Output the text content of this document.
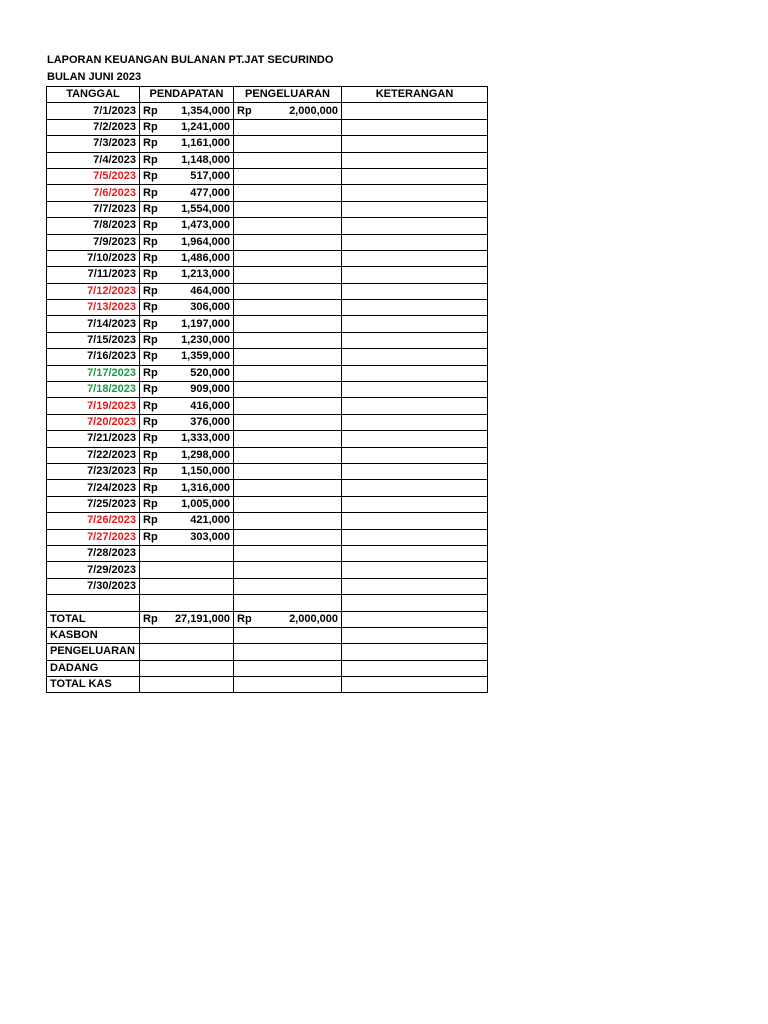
LAPORAN KEUANGAN BULANAN PT.JAT SECURINDO
BULAN JUNI 2023
TANGGAL	PENDAPATAN	PENGELUARAN	KETERANGAN
7/1/2023	Rp 1,354,000	Rp 2,000,000	

7/2/2023	Rp 1,241,000		

7/3/2023	Rp 1,161,000		

7/4/2023	Rp 1,148,000		

7/5/2023	Rp 517,000		

7/6/2023	Rp 477,000		

7/7/2023	Rp 1,554,000		

7/8/2023	Rp 1,473,000		

7/9/2023	Rp 1,964,000		

7/10/2023	Rp 1,486,000		

7/11/2023	Rp 1,213,000		

7/12/2023	Rp 464,000		

7/13/2023	Rp 306,000		

7/14/2023	Rp 1,197,000		

7/15/2023	Rp 1,230,000		

7/16/2023	Rp 1,359,000		

7/17/2023	Rp 520,000		

7/18/2023	Rp 909,000		

7/19/2023	Rp 416,000		

7/20/2023	Rp 376,000		

7/21/2023	Rp 1,333,000		

7/22/2023	Rp 1,298,000		

7/23/2023	Rp 1,150,000		

7/24/2023	Rp 1,316,000		

7/25/2023	Rp 1,005,000		

7/26/2023	Rp 421,000		

7/27/2023	Rp 303,000		

7/28/2023			
7/29/2023			
7/30/2023			

TOTAL	Rp 27,191,000	Rp 2,000,000	

KASBON			
PENGELUARAN			
DADANG			
TOTAL KAS			
